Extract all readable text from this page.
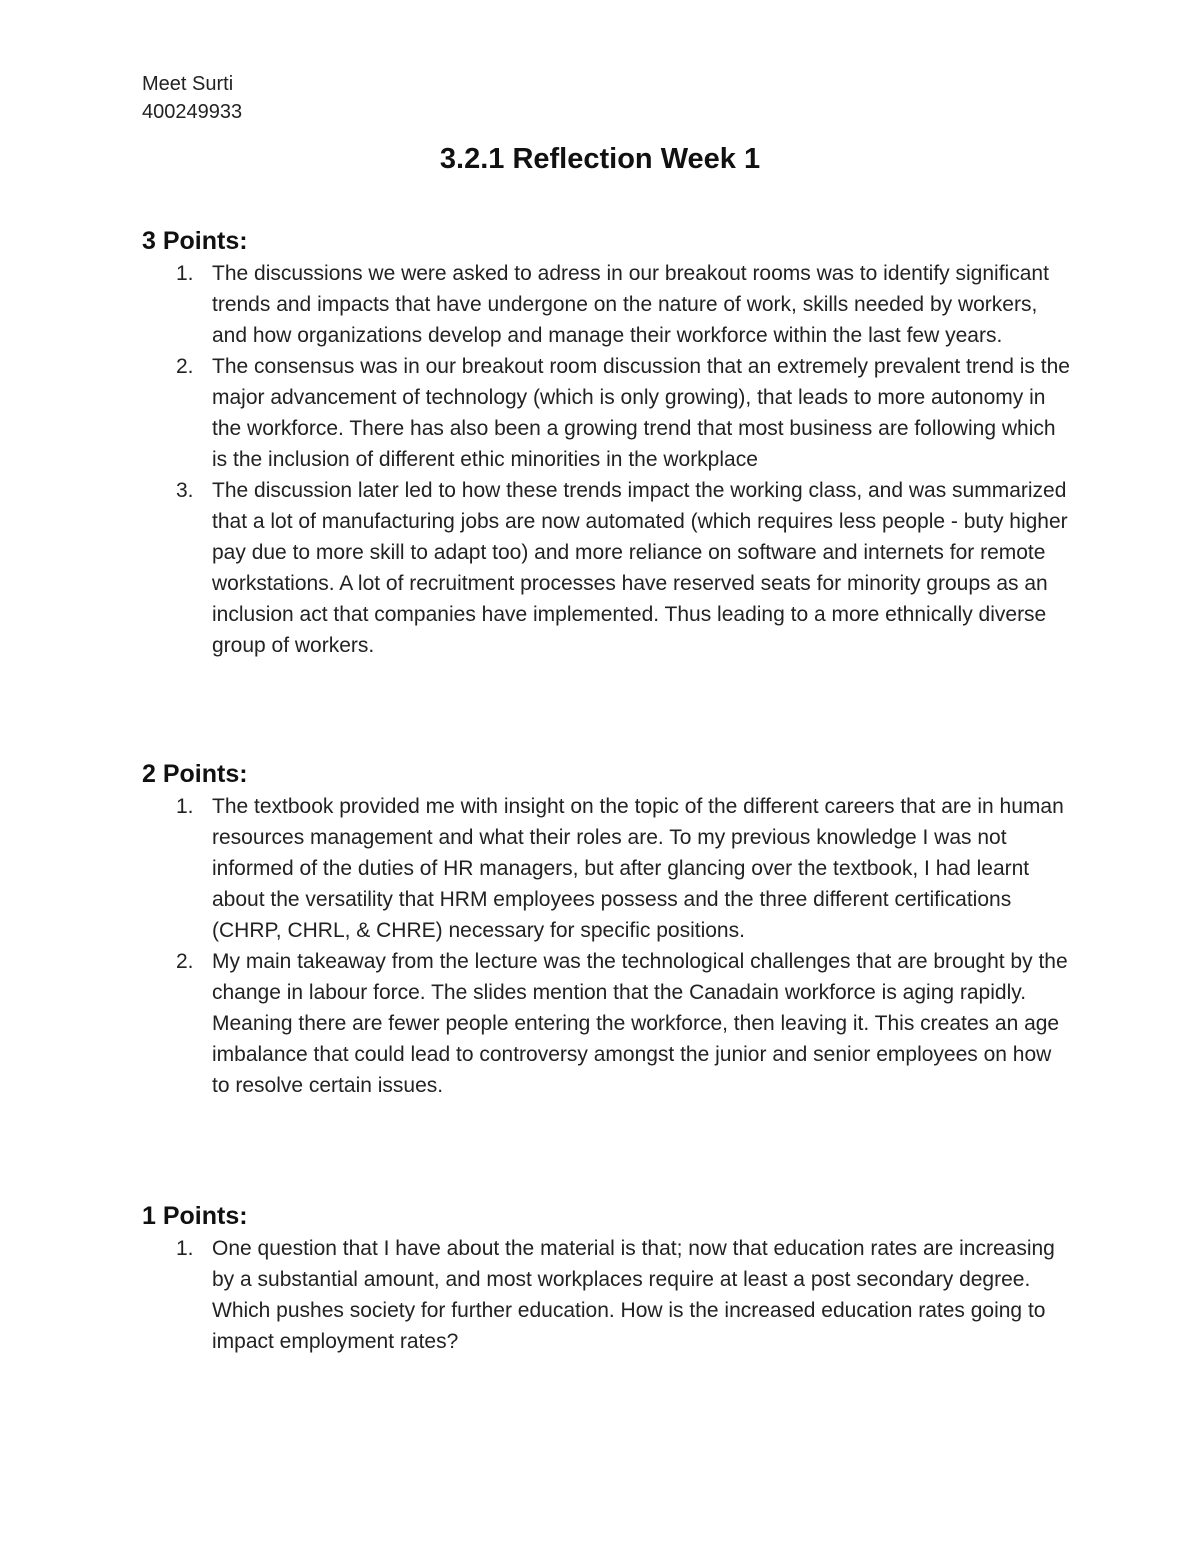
Meet Surti
400249933
3.2.1 Reflection Week 1
3 Points:
1. The discussions we were asked to adress in our breakout rooms was to identify significant trends and impacts that have undergone on the nature of work, skills needed by workers, and how organizations develop and manage their workforce within the last few years.
2. The consensus was in our breakout room discussion that an extremely prevalent trend is the major advancement of technology (which is only growing), that leads to more autonomy in the workforce. There has also been a growing trend that most business are following which is the inclusion of different ethic minorities in the workplace
3. The discussion later led to how these trends impact the working class, and was summarized that a lot of manufacturing jobs are now automated (which requires less people - buty higher pay due to more skill to adapt too) and more reliance on software and internets for remote workstations. A lot of recruitment processes have reserved seats for minority groups as an inclusion act that companies have implemented. Thus leading to a more ethnically diverse group of workers.
2 Points:
1. The textbook provided me with insight on the topic of the different careers that are in human resources management and what their roles are. To my previous knowledge I was not informed of the duties of HR managers, but after glancing over the textbook, I had learnt about the versatility that HRM employees possess and the three different certifications (CHRP, CHRL, & CHRE) necessary for specific positions.
2. My main takeaway from the lecture was the technological challenges that are brought by the change in labour force. The slides mention that the Canadain workforce is aging rapidly. Meaning there are fewer people entering the workforce, then leaving it. This creates an age imbalance that could lead to controversy amongst the junior and senior employees on how to resolve certain issues.
1 Points:
1. One question that I have about the material is that; now that education rates are increasing by a substantial amount, and most workplaces require at least a post secondary degree. Which pushes society for further education. How is the increased education rates going to impact employment rates?
